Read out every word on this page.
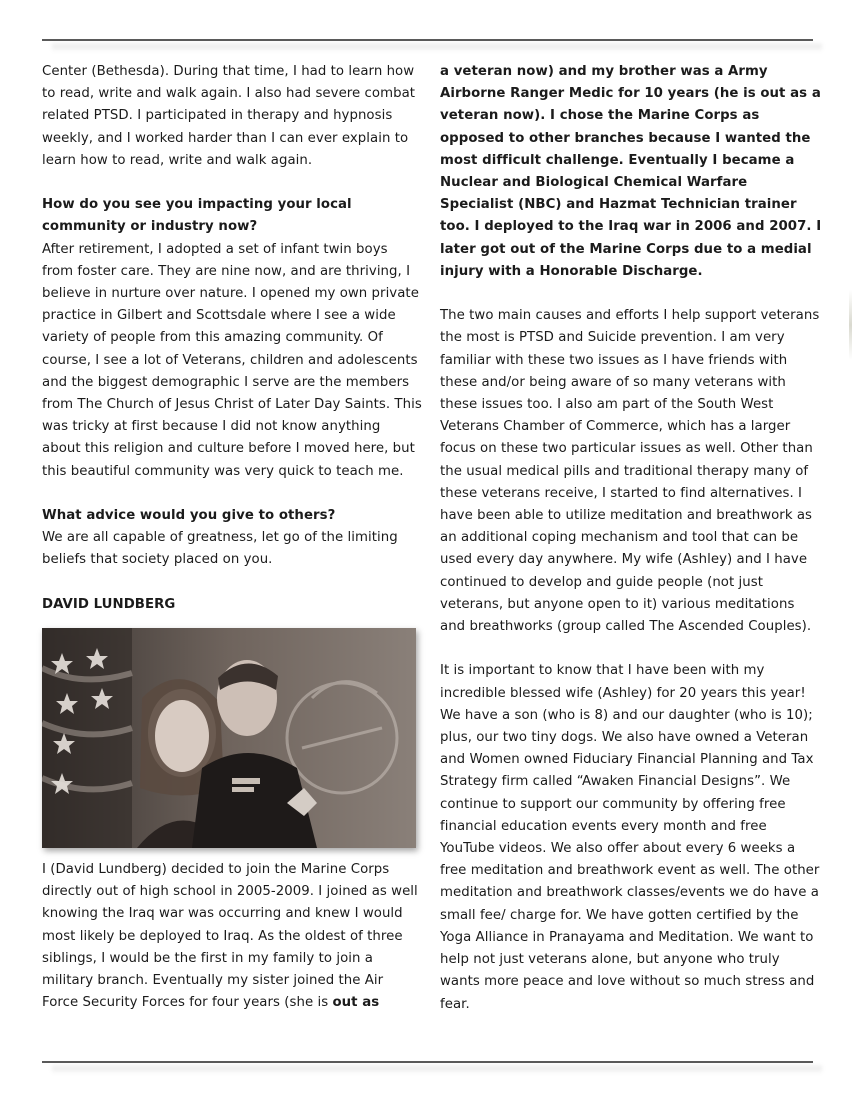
Center (Bethesda). During that time, I had to learn how to read, write and walk again. I also had severe combat related PTSD. I participated in therapy and hypnosis weekly, and I worked harder than I can ever explain to learn how to read, write and walk again.

How do you see you impacting your local community or industry now?

After retirement, I adopted a set of infant twin boys from foster care. They are nine now, and are thriving, I believe in nurture over nature. I opened my own private practice in Gilbert and Scottsdale where I see a wide variety of people from this amazing community. Of course, I see a lot of Veterans, children and adolescents and the biggest demographic I serve are the members from The Church of Jesus Christ of Later Day Saints. This was tricky at first because I did not know anything about this religion and culture before I moved here, but this beautiful community was very quick to teach me.

What advice would you give to others?

We are all capable of greatness, let go of the limiting beliefs that society placed on you.

DAVID LUNDBERG

I (David Lundberg) decided to join the Marine Corps directly out of high school in 2005-2009. I joined as well knowing the Iraq war was occurring and knew I would most likely be deployed to Iraq. As the oldest of three siblings, I would be the first in my family to join a military branch. Eventually my sister joined the Air Force Security Forces for four years (she is out as

a veteran now) and my brother was a Army Airborne Ranger Medic for 10 years (he is out as a veteran now). I chose the Marine Corps as opposed to other branches because I wanted the most difficult challenge. Eventually I became a Nuclear and Biological Chemical Warfare Specialist (NBC) and Hazmat Technician trainer too. I deployed to the Iraq war in 2006 and 2007. I later got out of the Marine Corps due to a medial injury with a Honorable Discharge.

The two main causes and efforts I help support veterans the most is PTSD and Suicide prevention. I am very familiar with these two issues as I have friends with these and/or being aware of so many veterans with these issues too. I also am part of the South West Veterans Chamber of Commerce, which has a larger focus on these two particular issues as well. Other than the usual medical pills and traditional therapy many of these veterans receive, I started to find alternatives. I have been able to utilize meditation and breathwork as an additional coping mechanism and tool that can be used every day anywhere. My wife (Ashley) and I have continued to develop and guide people (not just veterans, but anyone open to it) various meditations and breathworks (group called The Ascended Couples).

It is important to know that I have been with my incredible blessed wife (Ashley) for 20 years this year! We have a son (who is 8) and our daughter (who is 10); plus, our two tiny dogs. We also have owned a Veteran and Women owned Fiduciary Financial Planning and Tax Strategy firm called “Awaken Financial Designs”. We continue to support our community by offering free financial education events every month and free YouTube videos. We also offer about every 6 weeks a free meditation and breathwork event as well. The other meditation and breathwork classes/events we do have a small fee/ charge for. We have gotten certified by the Yoga Alliance in Pranayama and Meditation. We want to help not just veterans alone, but anyone who truly wants more peace and love without so much stress and fear.
